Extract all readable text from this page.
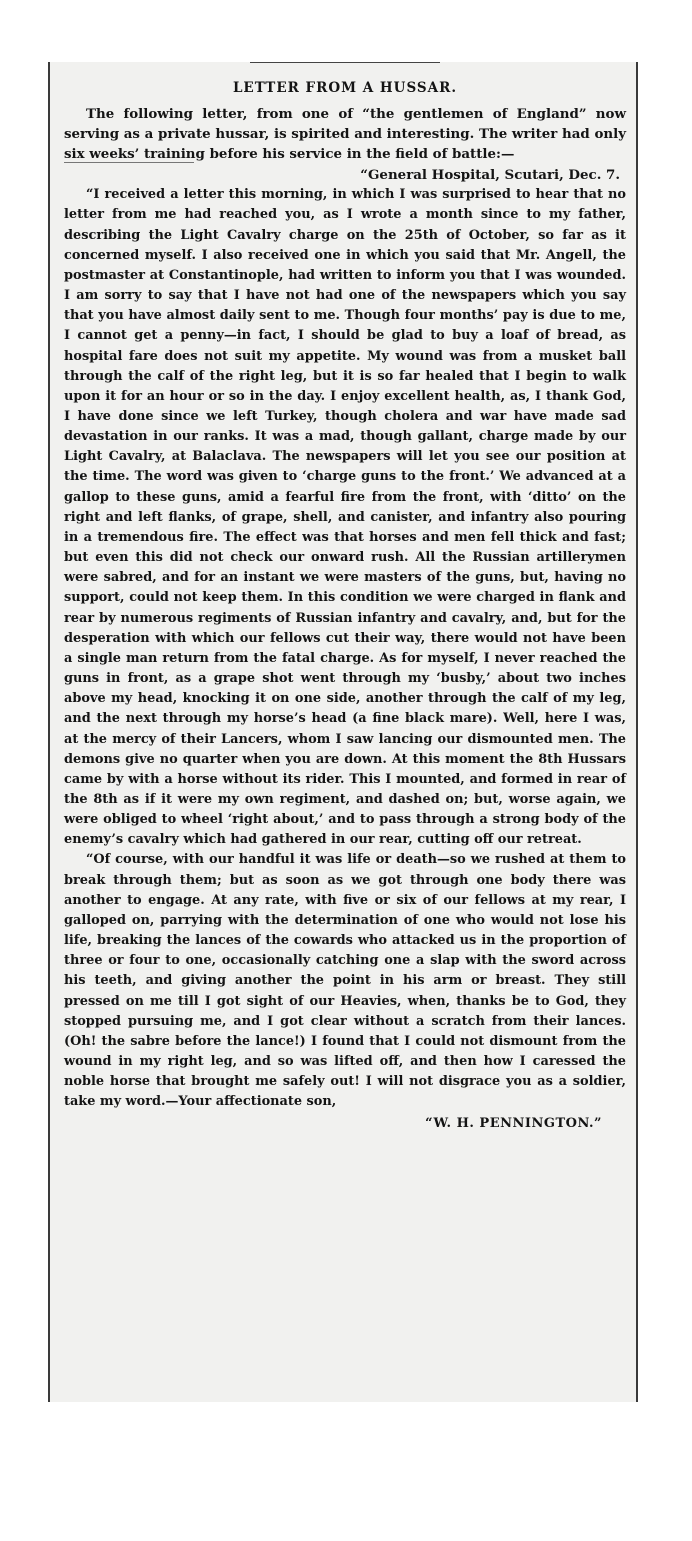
LETTER FROM A HUSSAR.

The following letter, from one of “the gentlemen of England” now serving as a private hussar, is spirited and interesting. The writer had only six weeks’ training before his service in the field of battle:—

“General Hospital, Scutari, Dec. 7.

“I received a letter this morning, in which I was surprised to hear that no letter from me had reached you, as I wrote a month since to my father, describing the Light Cavalry charge on the 25th of October, so far as it concerned myself. I also received one in which you said that Mr. Angell, the postmaster at Constantinople, had written to inform you that I was wounded. I am sorry to say that I have not had one of the newspapers which you say that you have almost daily sent to me. Though four months’ pay is due to me, I cannot get a penny—in fact, I should be glad to buy a loaf of bread, as hospital fare does not suit my appetite. My wound was from a musket ball through the calf of the right leg, but it is so far healed that I begin to walk upon it for an hour or so in the day. I enjoy excellent health, as, I thank God, I have done since we left Turkey, though cholera and war have made sad devastation in our ranks. It was a mad, though gallant, charge made by our Light Cavalry, at Balaclava. The newspapers will let you see our position at the time. The word was given to ‘charge guns to the front.’ We advanced at a gallop to these guns, amid a fearful fire from the front, with ‘ditto’ on the right and left flanks, of grape, shell, and canister, and infantry also pouring in a tremendous fire. The effect was that horses and men fell thick and fast; but even this did not check our onward rush. All the Russian artillerymen were sabred, and for an instant we were masters of the guns, but, having no support, could not keep them. In this condition we were charged in flank and rear by numerous regiments of Russian infantry and cavalry, and, but for the desperation with which our fellows cut their way, there would not have been a single man return from the fatal charge. As for myself, I never reached the guns in front, as a grape shot went through my ‘busby,’ about two inches above my head, knocking it on one side, another through the calf of my leg, and the next through my horse’s head (a fine black mare). Well, here I was, at the mercy of their Lancers, whom I saw lancing our dismounted men. The demons give no quarter when you are down. At this moment the 8th Hussars came by with a horse without its rider. This I mounted, and formed in rear of the 8th as if it were my own regiment, and dashed on; but, worse again, we were obliged to wheel ‘right about,’ and to pass through a strong body of the enemy’s cavalry which had gathered in our rear, cutting off our retreat.

“Of course, with our handful it was life or death—so we rushed at them to break through them; but as soon as we got through one body there was another to engage. At any rate, with five or six of our fellows at my rear, I galloped on, parrying with the determination of one who would not lose his life, breaking the lances of the cowards who attacked us in the proportion of three or four to one, occasionally catching one a slap with the sword across his teeth, and giving another the point in his arm or breast. They still pressed on me till I got sight of our Heavies, when, thanks be to God, they stopped pursuing me, and I got clear without a scratch from their lances. (Oh! the sabre before the lance!) I found that I could not dismount from the wound in my right leg, and so was lifted off, and then how I caressed the noble horse that brought me safely out! I will not disgrace you as a soldier, take my word.—Your affectionate son,

“W. H. PENNINGTON.”
